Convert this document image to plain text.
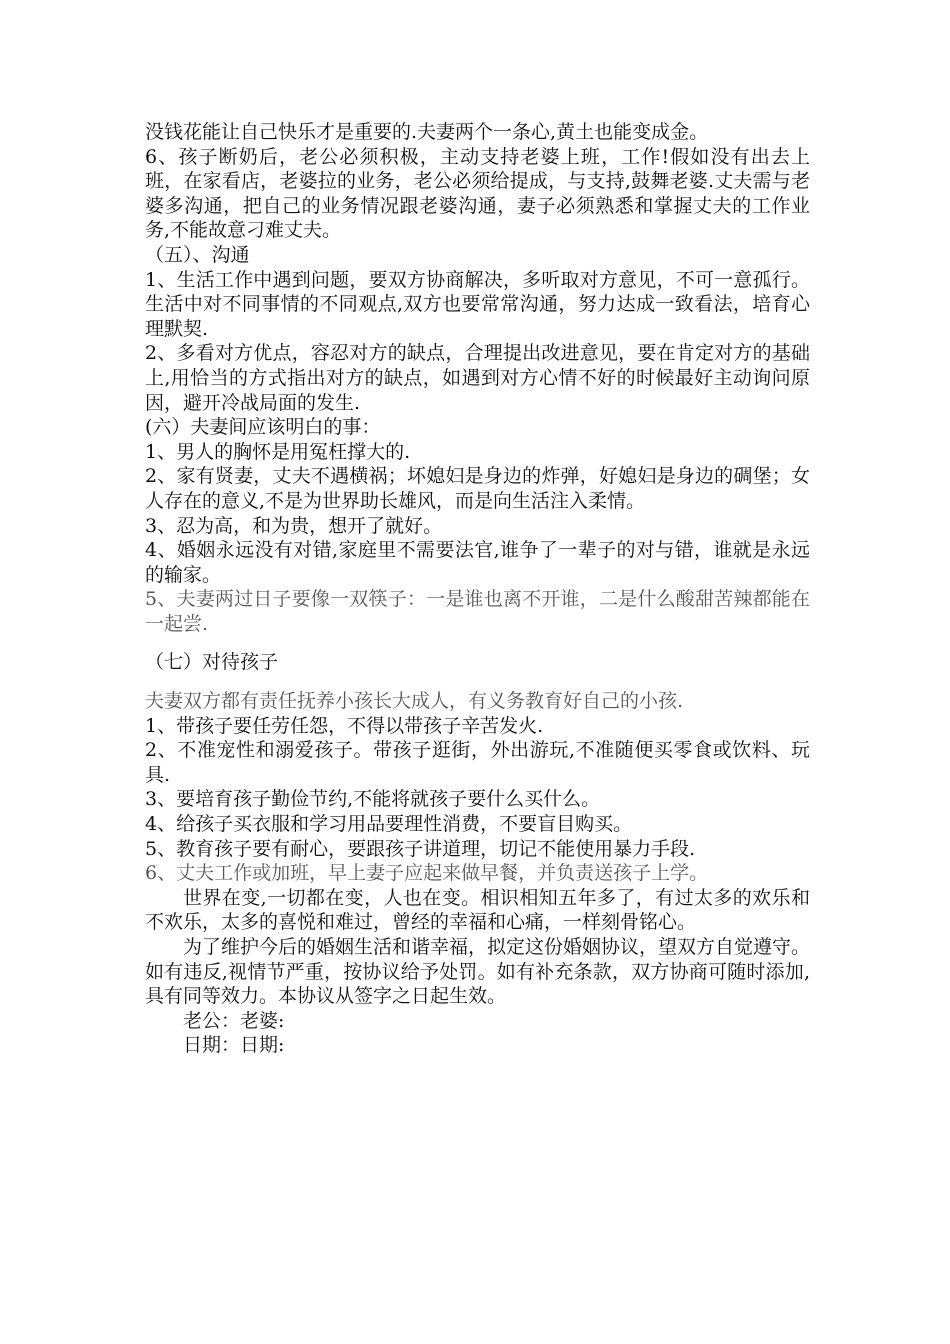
没钱花能让自己快乐才是重要的.夫妻两个一条心,黄土也能变成金。

6、孩子断奶后，老公必须积极，主动支持老婆上班，工作!假如没有出去上班，在家看店，老婆拉的业务，老公必须给提成，与支持,鼓舞老婆.丈夫需与老婆多沟通，把自己的业务情况跟老婆沟通，妻子必须熟悉和掌握丈夫的工作业务,不能故意刁难丈夫。

（五）、沟通

1、生活工作中遇到问题，要双方协商解决，多听取对方意见，不可一意孤行。生活中对不同事情的不同观点,双方也要常常沟通，努力达成一致看法，培育心理默契.

2、多看对方优点，容忍对方的缺点，合理提出改进意见，要在肯定对方的基础上,用恰当的方式指出对方的缺点，如遇到对方心情不好的时候最好主动询问原因，避开冷战局面的发生.

(六）夫妻间应该明白的事：

1、男人的胸怀是用冤枉撑大的.

2、家有贤妻，丈夫不遇横祸；坏媳妇是身边的炸弹，好媳妇是身边的碉堡；女人存在的意义,不是为世界助长雄风，而是向生活注入柔情。

3、忍为高，和为贵，想开了就好。

4、婚姻永远没有对错,家庭里不需要法官,谁争了一辈子的对与错，谁就是永远的输家。

5、夫妻两过日子要像一双筷子：一是谁也离不开谁，二是什么酸甜苦辣都能在一起尝.

（七）对待孩子

夫妻双方都有责任抚养小孩长大成人，有义务教育好自己的小孩.

1、带孩子要任劳任怨，不得以带孩子辛苦发火.

2、不准宠性和溺爱孩子。带孩子逛街，外出游玩,不准随便买零食或饮料、玩具.

3、要培育孩子勤俭节约,不能将就孩子要什么买什么。

4、给孩子买衣服和学习用品要理性消费，不要盲目购买。

5、教育孩子要有耐心，要跟孩子讲道理，切记不能使用暴力手段.

6、丈夫工作或加班，早上妻子应起来做早餐，并负责送孩子上学。

世界在变,一切都在变，人也在变。相识相知五年多了，有过太多的欢乐和不欢乐，太多的喜悦和难过，曾经的幸福和心痛，一样刻骨铭心。

为了维护今后的婚姻生活和谐幸福，拟定这份婚姻协议，望双方自觉遵守。如有违反,视情节严重，按协议给予处罚。如有补充条款，双方协商可随时添加,具有同等效力。本协议从签字之日起生效。

老公：老婆:

日期：日期:
